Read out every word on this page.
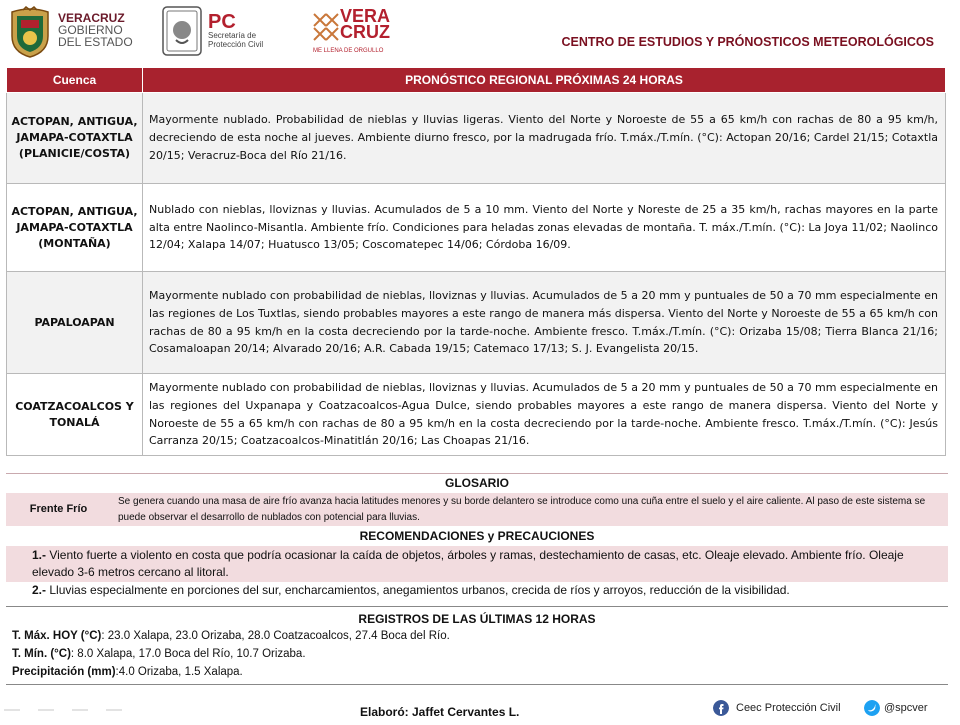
VERACRUZ
GOBIERNO
DEL ESTADO
PC
Secretaría de
Protección Civil
VERA
CRUZ
ME LLENA DE ORGULLO
CENTRO DE ESTUDIOS Y PRÓNOSTICOS METEOROLÓGICOS
Cuenca	PRONÓSTICO REGIONAL PRÓXIMAS 24 HORAS
ACTOPAN, ANTIGUA, JAMAPA-COTAXTLA (PLANICIE/COSTA)	Mayormente nublado. Probabilidad de nieblas y lluvias ligeras. Viento del Norte y Noroeste de 55 a 65 km/h con rachas de 80 a 95 km/h, decreciendo de esta noche al jueves. Ambiente diurno fresco, por la madrugada frío. T.máx./T.mín. (°C): Actopan 20/16; Cardel 21/15; Cotaxtla 20/15; Veracruz-Boca del Río 21/16.
ACTOPAN, ANTIGUA, JAMAPA-COTAXTLA (MONTAÑA)	Nublado con nieblas, lloviznas y lluvias. Acumulados de 5 a 10 mm. Viento del Norte y Noreste de 25 a 35 km/h, rachas mayores en la parte alta entre Naolinco-Misantla. Ambiente frío. Condiciones para heladas zonas elevadas de montaña. T. máx./T.mín. (°C): La Joya 11/02; Naolinco 12/04; Xalapa 14/07; Huatusco 13/05; Coscomatepec 14/06; Córdoba 16/09.
PAPALOAPAN	Mayormente nublado con probabilidad de nieblas, lloviznas y lluvias. Acumulados de 5 a 20 mm y puntuales de 50 a 70 mm especialmente en las regiones de Los Tuxtlas, siendo probables mayores a este rango de manera más dispersa. Viento del Norte y Noroeste de 55 a 65 km/h con rachas de 80 a 95 km/h en la costa decreciendo por la tarde-noche. Ambiente fresco. T.máx./T.mín. (°C): Orizaba 15/08; Tierra Blanca 21/16; Cosamaloapan 20/14; Alvarado 20/16; A.R. Cabada 19/15; Catemaco 17/13; S. J. Evangelista 20/15.
COATZACOALCOS Y TONALÁ	Mayormente nublado con probabilidad de nieblas, lloviznas y lluvias. Acumulados de 5 a 20 mm y puntuales de 50 a 70 mm especialmente en las regiones del Uxpanapa y Coatzacoalcos-Agua Dulce, siendo probables mayores a este rango de manera dispersa. Viento del Norte y Noroeste de 55 a 65 km/h con rachas de 80 a 95 km/h en la costa decreciendo por la tarde-noche. Ambiente fresco. T.máx./T.mín. (°C): Jesús Carranza 20/15; Coatzacoalcos-Minatitlán 20/16; Las Choapas 21/16.
GLOSARIO
Frente Frío
Se genera cuando una masa de aire frío avanza hacia latitudes menores y su borde delantero se introduce como una cuña entre el suelo y el aire caliente. Al paso de este sistema se puede observar el desarrollo de nublados con potencial para lluvias.
RECOMENDACIONES y PRECAUCIONES
1.- Viento fuerte a violento en costa que podría ocasionar la caída de objetos, árboles y ramas, destechamiento de casas, etc. Oleaje elevado. Ambiente frío. Oleaje elevado 3-6 metros cercano al litoral.
2.- Lluvias especialmente en porciones del sur, encharcamientos, anegamientos urbanos, crecida de ríos y arroyos, reducción de la visibilidad.
REGISTROS DE LAS ÚLTIMAS 12 HORAS
T. Máx. HOY (°C): 23.0 Xalapa, 23.0 Orizaba, 28.0 Coatzacoalcos, 27.4 Boca del Río.
T. Mín. (°C): 8.0 Xalapa, 17.0 Boca del Río, 10.7 Orizaba.
Precipitación (mm):4.0 Orizaba, 1.5 Xalapa.
Elaboró: Jaffet Cervantes L.	Ceec Protección Civil	@spcver
